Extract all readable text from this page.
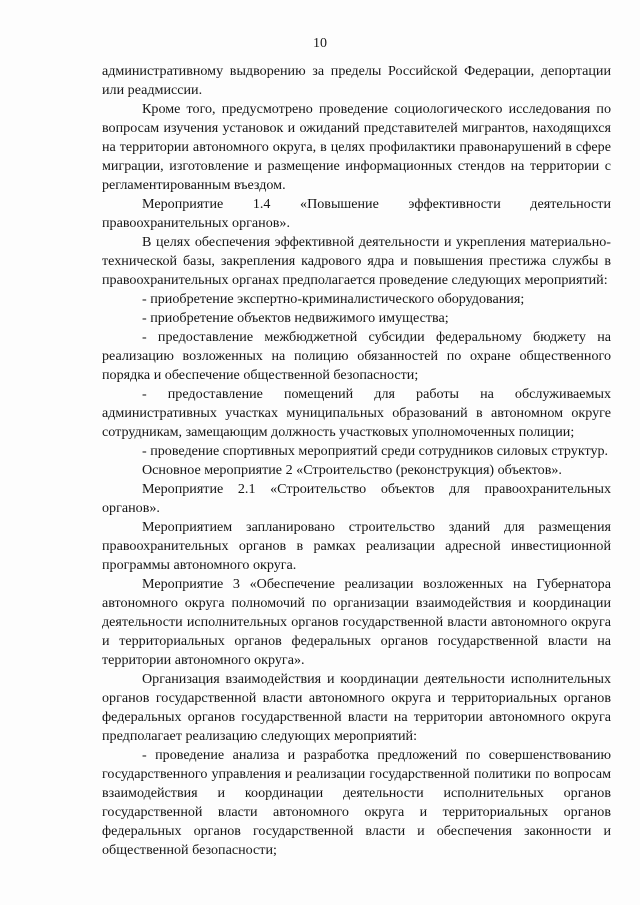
10

административному выдворению за пределы Российской Федерации, депортации или реадмиссии.

Кроме того, предусмотрено проведение социологического исследования по вопросам изучения установок и ожиданий представителей мигрантов, находящихся на территории автономного округа, в целях профилактики правонарушений в сфере миграции, изготовление и размещение информационных стендов на территории с регламентированным въездом.

Мероприятие 1.4 «Повышение эффективности деятельности правоохранительных органов».

В целях обеспечения эффективной деятельности и укрепления материально-технической базы, закрепления кадрового ядра и повышения престижа службы в правоохранительных органах предполагается проведение следующих мероприятий:

- приобретение экспертно-криминалистического оборудования;

- приобретение объектов недвижимого имущества;

- предоставление межбюджетной субсидии федеральному бюджету на реализацию возложенных на полицию обязанностей по охране общественного порядка и обеспечение общественной безопасности;

- предоставление помещений для работы на обслуживаемых административных участках муниципальных образований в автономном округе сотрудникам, замещающим должность участковых уполномоченных полиции;

- проведение спортивных мероприятий среди сотрудников силовых структур.

Основное мероприятие 2 «Строительство (реконструкция) объектов».

Мероприятие 2.1 «Строительство объектов для правоохранительных органов».

Мероприятием запланировано строительство зданий для размещения правоохранительных органов в рамках реализации адресной инвестиционной программы автономного округа.

Мероприятие 3 «Обеспечение реализации возложенных на Губернатора автономного округа полномочий по организации взаимодействия и координации деятельности исполнительных органов государственной власти автономного округа и территориальных органов федеральных органов государственной власти на территории автономного округа».

Организация взаимодействия и координации деятельности исполнительных органов государственной власти автономного округа и территориальных органов федеральных органов государственной власти на территории автономного округа предполагает реализацию следующих мероприятий:

- проведение анализа и разработка предложений по совершенствованию государственного управления и реализации государственной политики по вопросам взаимодействия и координации деятельности исполнительных органов государственной власти автономного округа и территориальных органов федеральных органов государственной власти и обеспечения законности и общественной безопасности;
